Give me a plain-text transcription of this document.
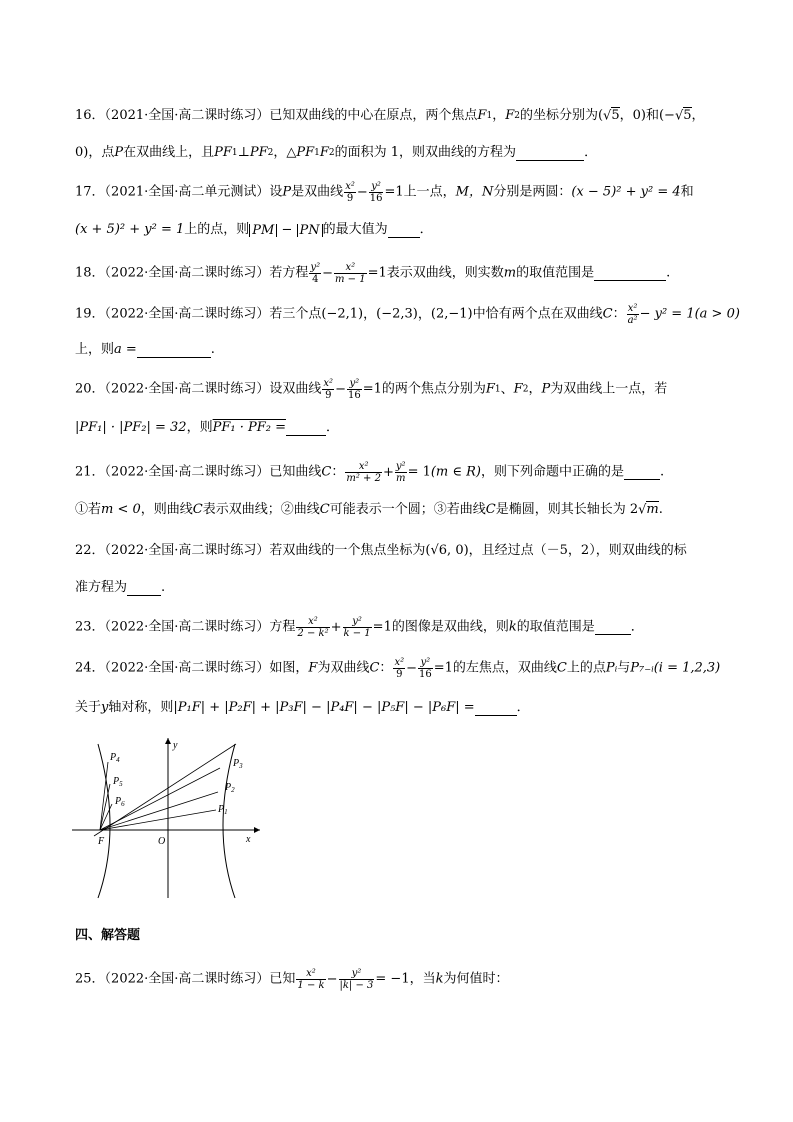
16．（2021·全国·高二课时练习）已知双曲线的中心在原点，两个焦点F1，F2的坐标分别为(√5，0)和(−√5，
0)，点P在双曲线上，且PF1⊥PF2，△PF1F2的面积为 1，则双曲线的方程为	．
17．（2021·全国·高二单元测试）设P是双曲线 $\frac{\text{x²}}{9} - \frac{\text{y²}}{16} =1$上一点，M，N分别是两圆：(x − 5)² + y² = 4和
(x + 5)² + y² = 1上的点，则 PM − PN 的最大值为 ．
18．（2022·全国·高二课时练习）若方程 $\frac{\text{y²}}{4} - \frac{\text{x²}}{m - 1} =1$表示双曲线，则实数m的取值范围是	.
19．（2022·全国·高二课时练习）若三个点(−2,1)，(−2,3)，(2,−1)中恰有两个点在双曲线C： $\frac{\text{x²}}{\text{a²}} - y^2 = 1(a > 0)$
上，则a =	.
20．（2022·全国·高二课时练习）设双曲线 $\frac{\text{x²}}{9} - \frac{\text{y²}}{16} =1$的两个焦点分别为F1、F2，P为双曲线上一点，若
|PF₁| · |PF₂| = 32，则PF₁ · PF₂ =	．
21．（2022·全国·高二课时练习）已知曲线C： $\frac{\text{x²}}{\text{m² + 2}} + \frac{\text{y²}}{m} = 1(m$ ∈ R)，则下列命题中正确的是	.
①若m < 0，则曲线C表示双曲线；②曲线C可能表示一个圆；③若曲线C是椭圆，则其长轴长为 2√m.
22．（2022·全国·高二课时练习）若双曲线的一个焦点坐标为(√6, 0)，且经过点（－5，2），则双曲线的标
准方程为	.
23．（2022·全国·高二课时练习）方程 $\frac{\text{x²}}{\text{2 − k²}} + \frac{\text{y²}}{k - 1} =1$的图像是双曲线，则k的取值范围是	．
24．（2022·全国·高二课时练习）如图，F为双曲线C： $\frac{\text{x²}}{9} - \frac{\text{y²}}{16} =1$的左焦点，双曲线C上的点Pᵢ与P₇₋ᵢ(i = 1,2,3)
关于y轴对称，则|P₁F| + |P₂F| + |P₃F| − |P₄F| − |P₅F| − |P₆F| =	．
$P_4$
$P_5$
$P_6$
$P_3$
$P_2$
$P_1$
F	O	x
y
四、解答题
25．（2022·全国·高二课时练习）已知 $\frac{\text{x²}}{1 - k} - \frac{\text{y²}}{|k| - 3} = -1$，当k为何值时：
